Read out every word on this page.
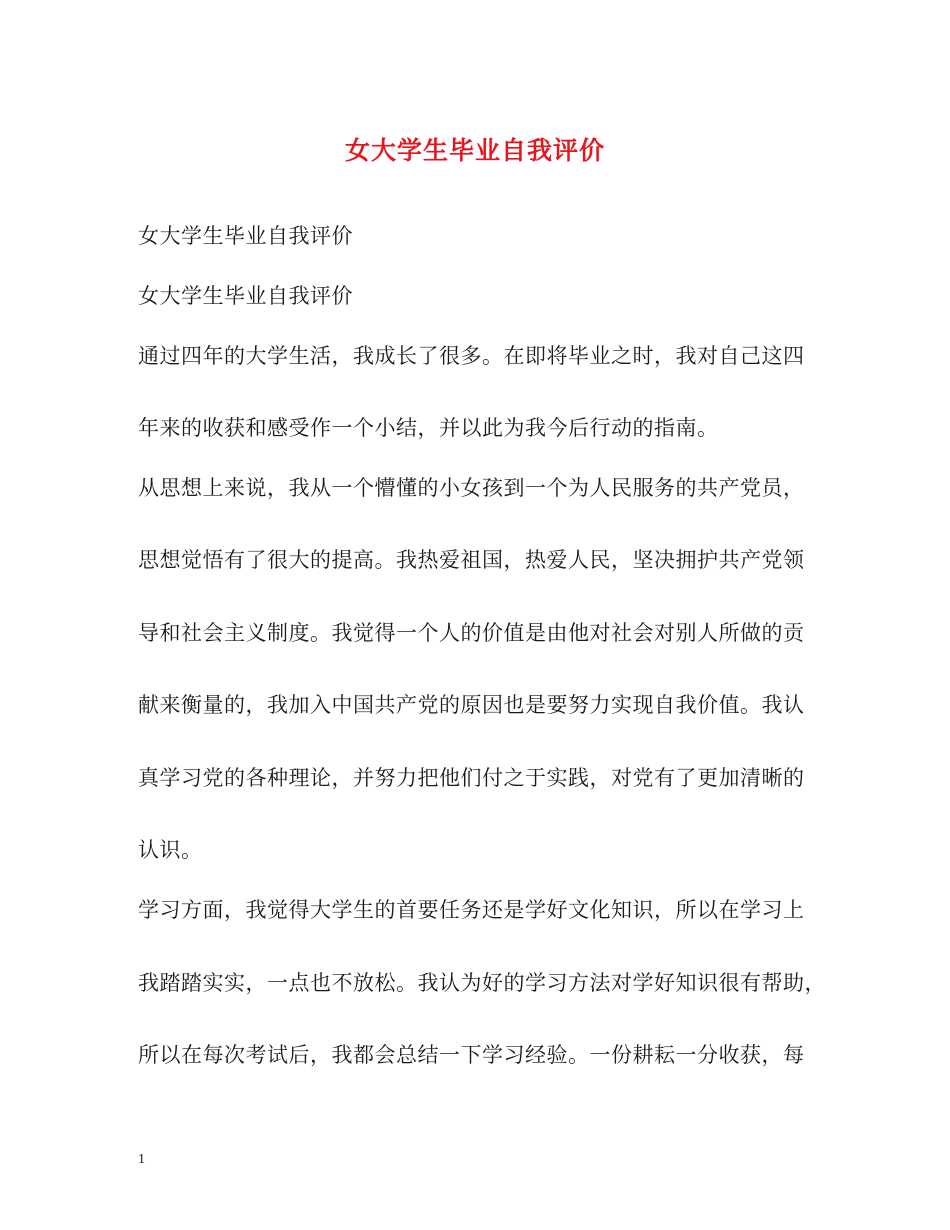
女大学生毕业自我评价
女大学生毕业自我评价
女大学生毕业自我评价
通过四年的大学生活，我成长了很多。在即将毕业之时，我对自己这四
年来的收获和感受作一个小结，并以此为我今后行动的指南。
从思想上来说，我从一个懵懂的小女孩到一个为人民服务的共产党员，
思想觉悟有了很大的提高。我热爱祖国，热爱人民，坚决拥护共产党领
导和社会主义制度。我觉得一个人的价值是由他对社会对别人所做的贡
献来衡量的，我加入中国共产党的原因也是要努力实现自我价值。我认
真学习党的各种理论，并努力把他们付之于实践，对党有了更加清晰的
认识。
学习方面，我觉得大学生的首要任务还是学好文化知识，所以在学习上
我踏踏实实，一点也不放松。我认为好的学习方法对学好知识很有帮助，
所以在每次考试后，我都会总结一下学习经验。一份耕耘一分收获，每
1
